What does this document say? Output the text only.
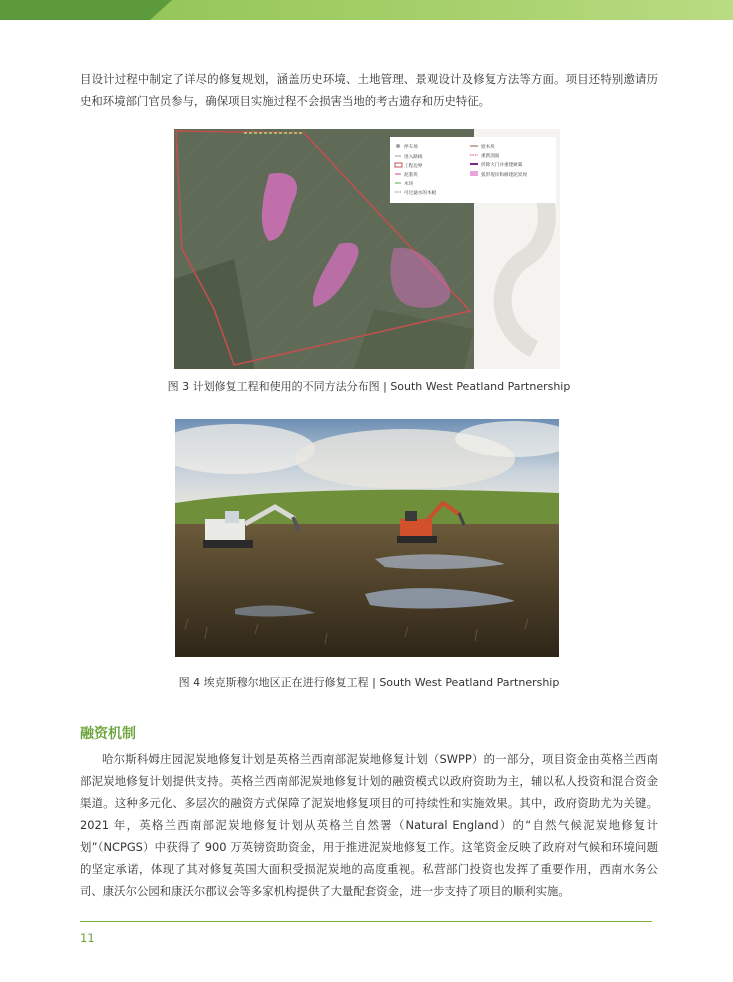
目设计过程中制定了详尽的修复规划，涵盖历史环境、土地管理、景观设计及修复方法等方面。项目还特别邀请历史和环境部门官员参与，确保项目实施过程不会损害当地的考古遗存和历史特征。

停车场
进入路线
工程边界
泥浆块
木块
可过滤水的木板
原木块
重新剖面
折除大门并重建树篱
弧形堤岸和修建泥炭坝

图 3 计划修复工程和使用的不同方法分布图 | South West Peatland Partnership

图 4 埃克斯穆尔地区正在进行修复工程 | South West Peatland Partnership

融资机制

哈尔斯科姆庄园泥炭地修复计划是英格兰西南部泥炭地修复计划（SWPP）的一部分，项目资金由英格兰西南部泥炭地修复计划提供支持。英格兰西南部泥炭地修复计划的融资模式以政府资助为主，辅以私人投资和混合资金渠道。这种多元化、多层次的融资方式保障了泥炭地修复项目的可持续性和实施效果。其中，政府资助尤为关键。2021 年，英格兰西南部泥炭地修复计划从英格兰自然署（Natural England）的“自然气候泥炭地修复计划”（NCPGS）中获得了 900 万英镑资助资金，用于推进泥炭地修复工作。这笔资金反映了政府对气候和环境问题的坚定承诺，体现了其对修复英国大面积受损泥炭地的高度重视。私营部门投资也发挥了重要作用，西南水务公司、康沃尔公园和康沃尔郡议会等多家机构提供了大量配套资金，进一步支持了项目的顺利实施。

11
